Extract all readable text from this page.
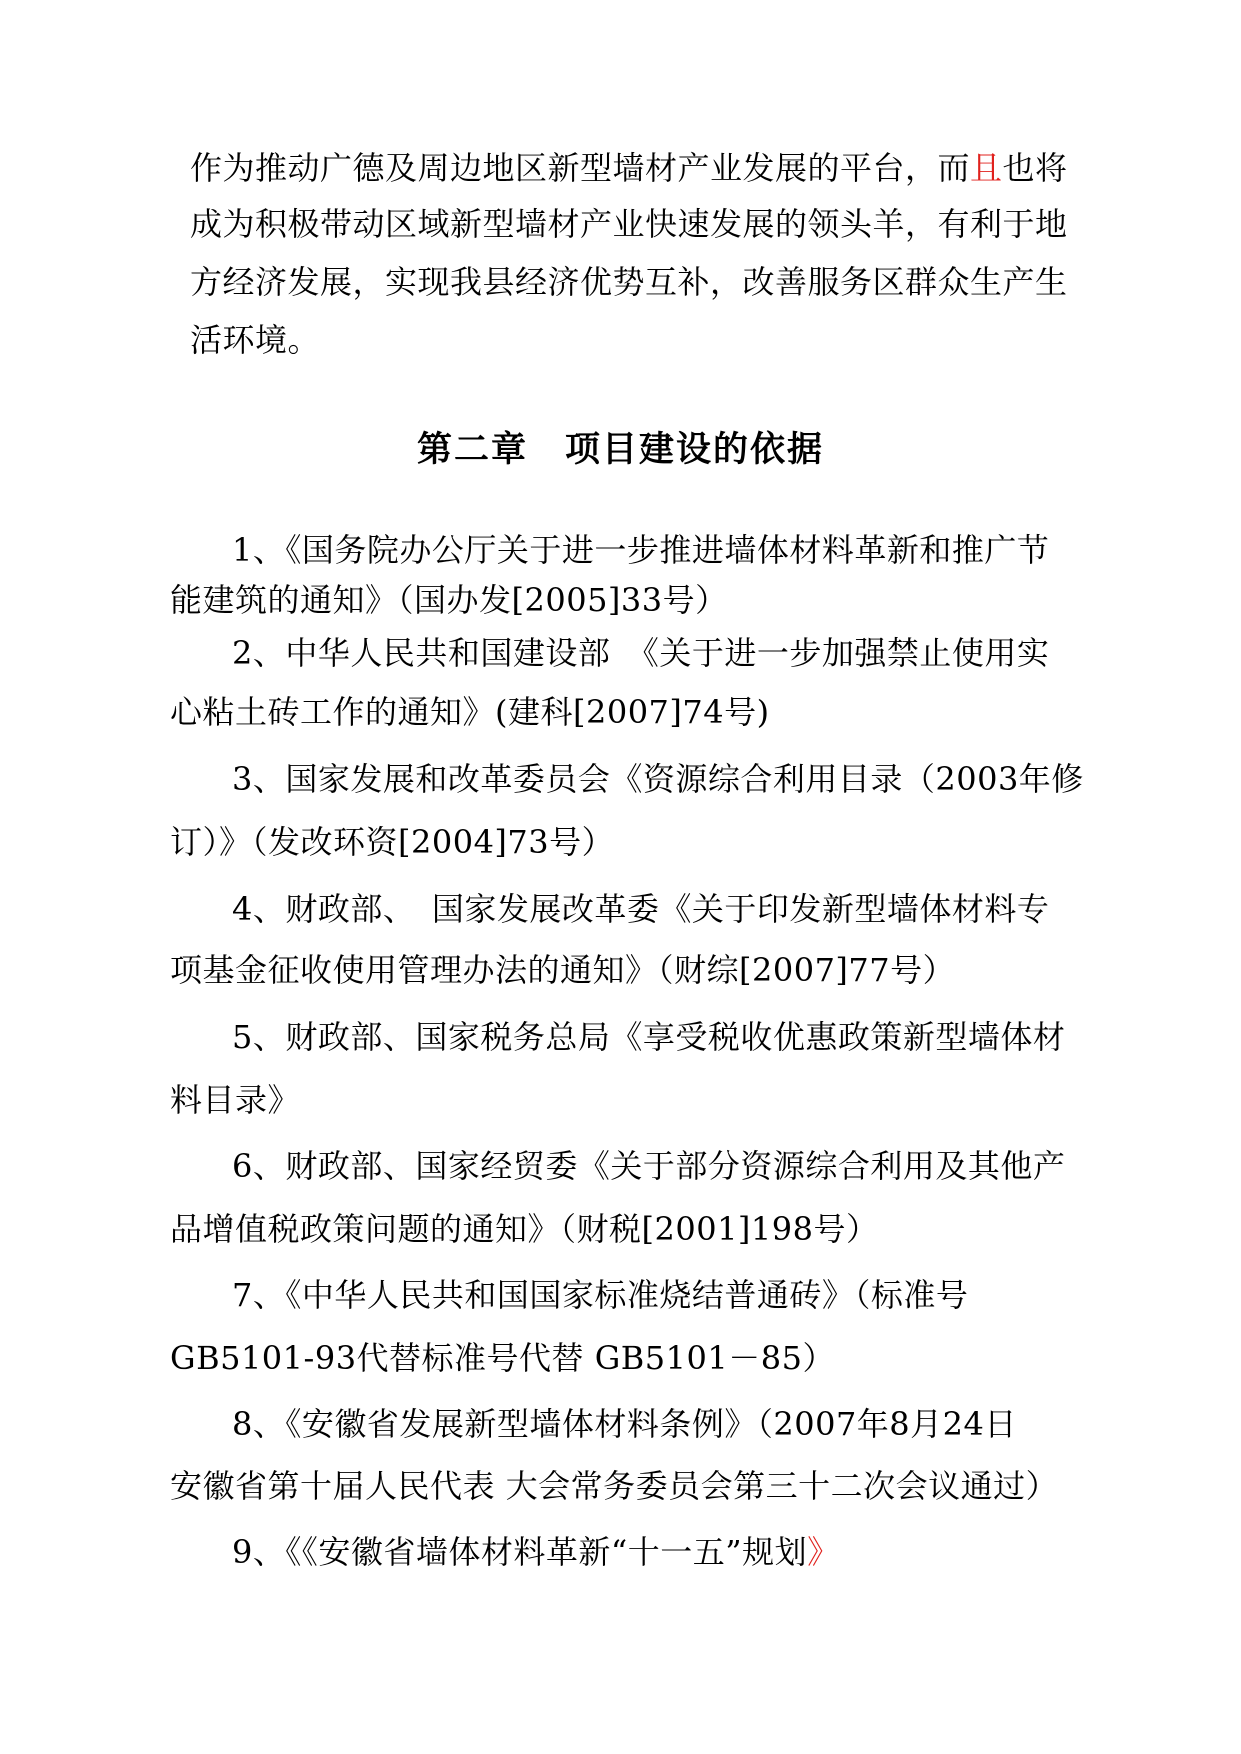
作为推动广德及周边地区新型墙材产业发展的平台，而且也将
成为积极带动区域新型墙材产业快速发展的领头羊，有利于地
方经济发展，实现我县经济优势互补，改善服务区群众生产生
活环境。
第二章　项目建设的依据
1、《国务院办公厅关于进一步推进墙体材料革新和推广节
能建筑的通知》（国办发[2005]33号）
2、中华人民共和国建设部　《关于进一步加强禁止使用实
心粘土砖工作的通知》(建科[2007]74号)
3、国家发展和改革委员会《资源综合利用目录（2003年修
订）》（发改环资[2004]73号）
4、财政部、　国家发展改革委《关于印发新型墙体材料专
项基金征收使用管理办法的通知》（财综[2007]77号）
5、财政部、国家税务总局《享受税收优惠政策新型墙体材
料目录》
6、财政部、国家经贸委《关于部分资源综合利用及其他产
品增值税政策问题的通知》（财税[2001]198号）
7、《中华人民共和国国家标准烧结普通砖》（标准号
GB5101-93代替标准号代替 GB5101－85）
8、《安徽省发展新型墙体材料条例》（2007年8月24日
安徽省第十届人民代表 大会常务委员会第三十二次会议通过）
9、《《安徽省墙体材料革新“十一五”规划》
